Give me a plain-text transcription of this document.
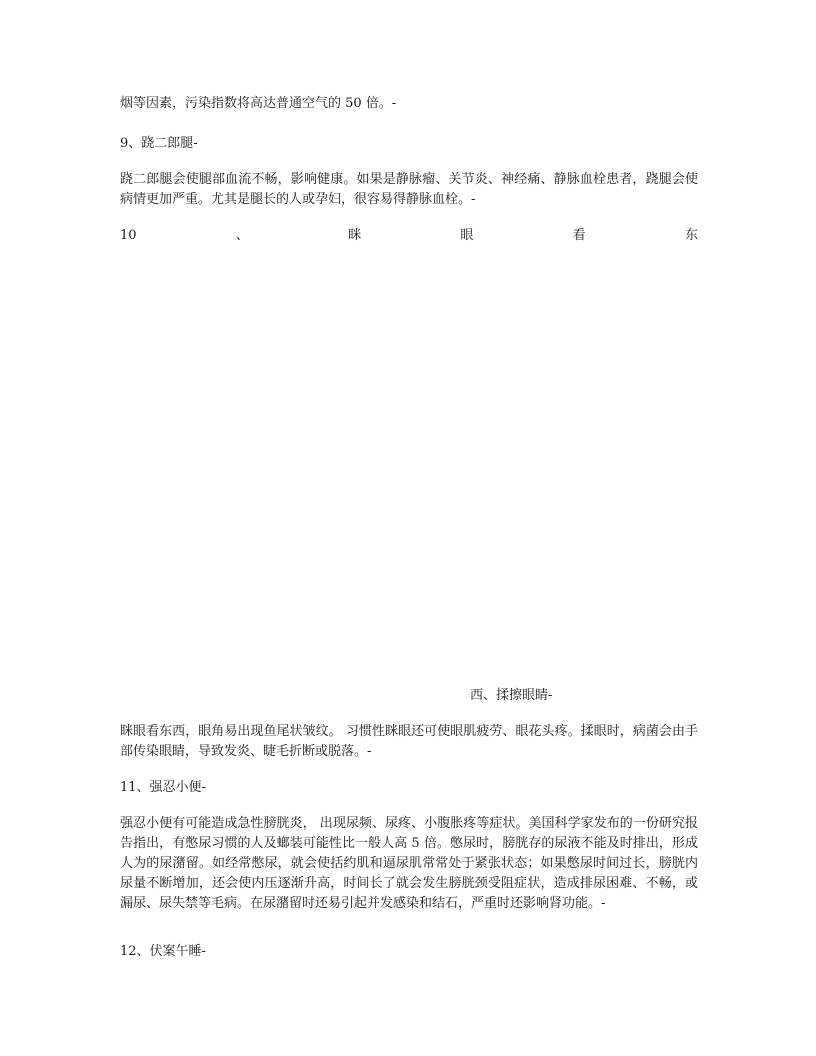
烟等因素，污染指数将高达普通空气的 50 倍。-

9、跷二郎腿-

跷二郎腿会使腿部血流不畅，影响健康。如果是静脉瘤、关节炎、神经痛、静脉血栓患者，跷腿会使病情更加严重。尤其是腿长的人或孕妇，很容易得静脉血栓。-

10	、	眯	眼	看	东

西、揉擦眼睛-

眯眼看东西，眼角易出现鱼尾状皱纹。 习惯性眯眼还可使眼肌疲劳、眼花头疼。揉眼时，病菌会由手部传染眼睛，导致发炎、睫毛折断或脱落。-

11、强忍小便-

强忍小便有可能造成急性膀胱炎， 出现尿频、尿疼、小腹胀疼等症状。美国科学家发布的一份研究报告指出，有憋尿习惯的人及螂装可能性比一般人高 5 倍。憋尿时，膀胱存的尿液不能及时排出，形成人为的尿潴留。如经常憋尿，就会使括约肌和逼尿肌常常处于紧张状态；如果憋尿时间过长，膀胱内尿量不断增加，还会使内压逐渐升高，时间长了就会发生膀胱颈受阻症状，造成排尿困难、不畅，或漏尿、尿失禁等毛病。在尿潴留时还易引起并发感染和结石，严重时还影响肾功能。-

12、伏案午睡-
